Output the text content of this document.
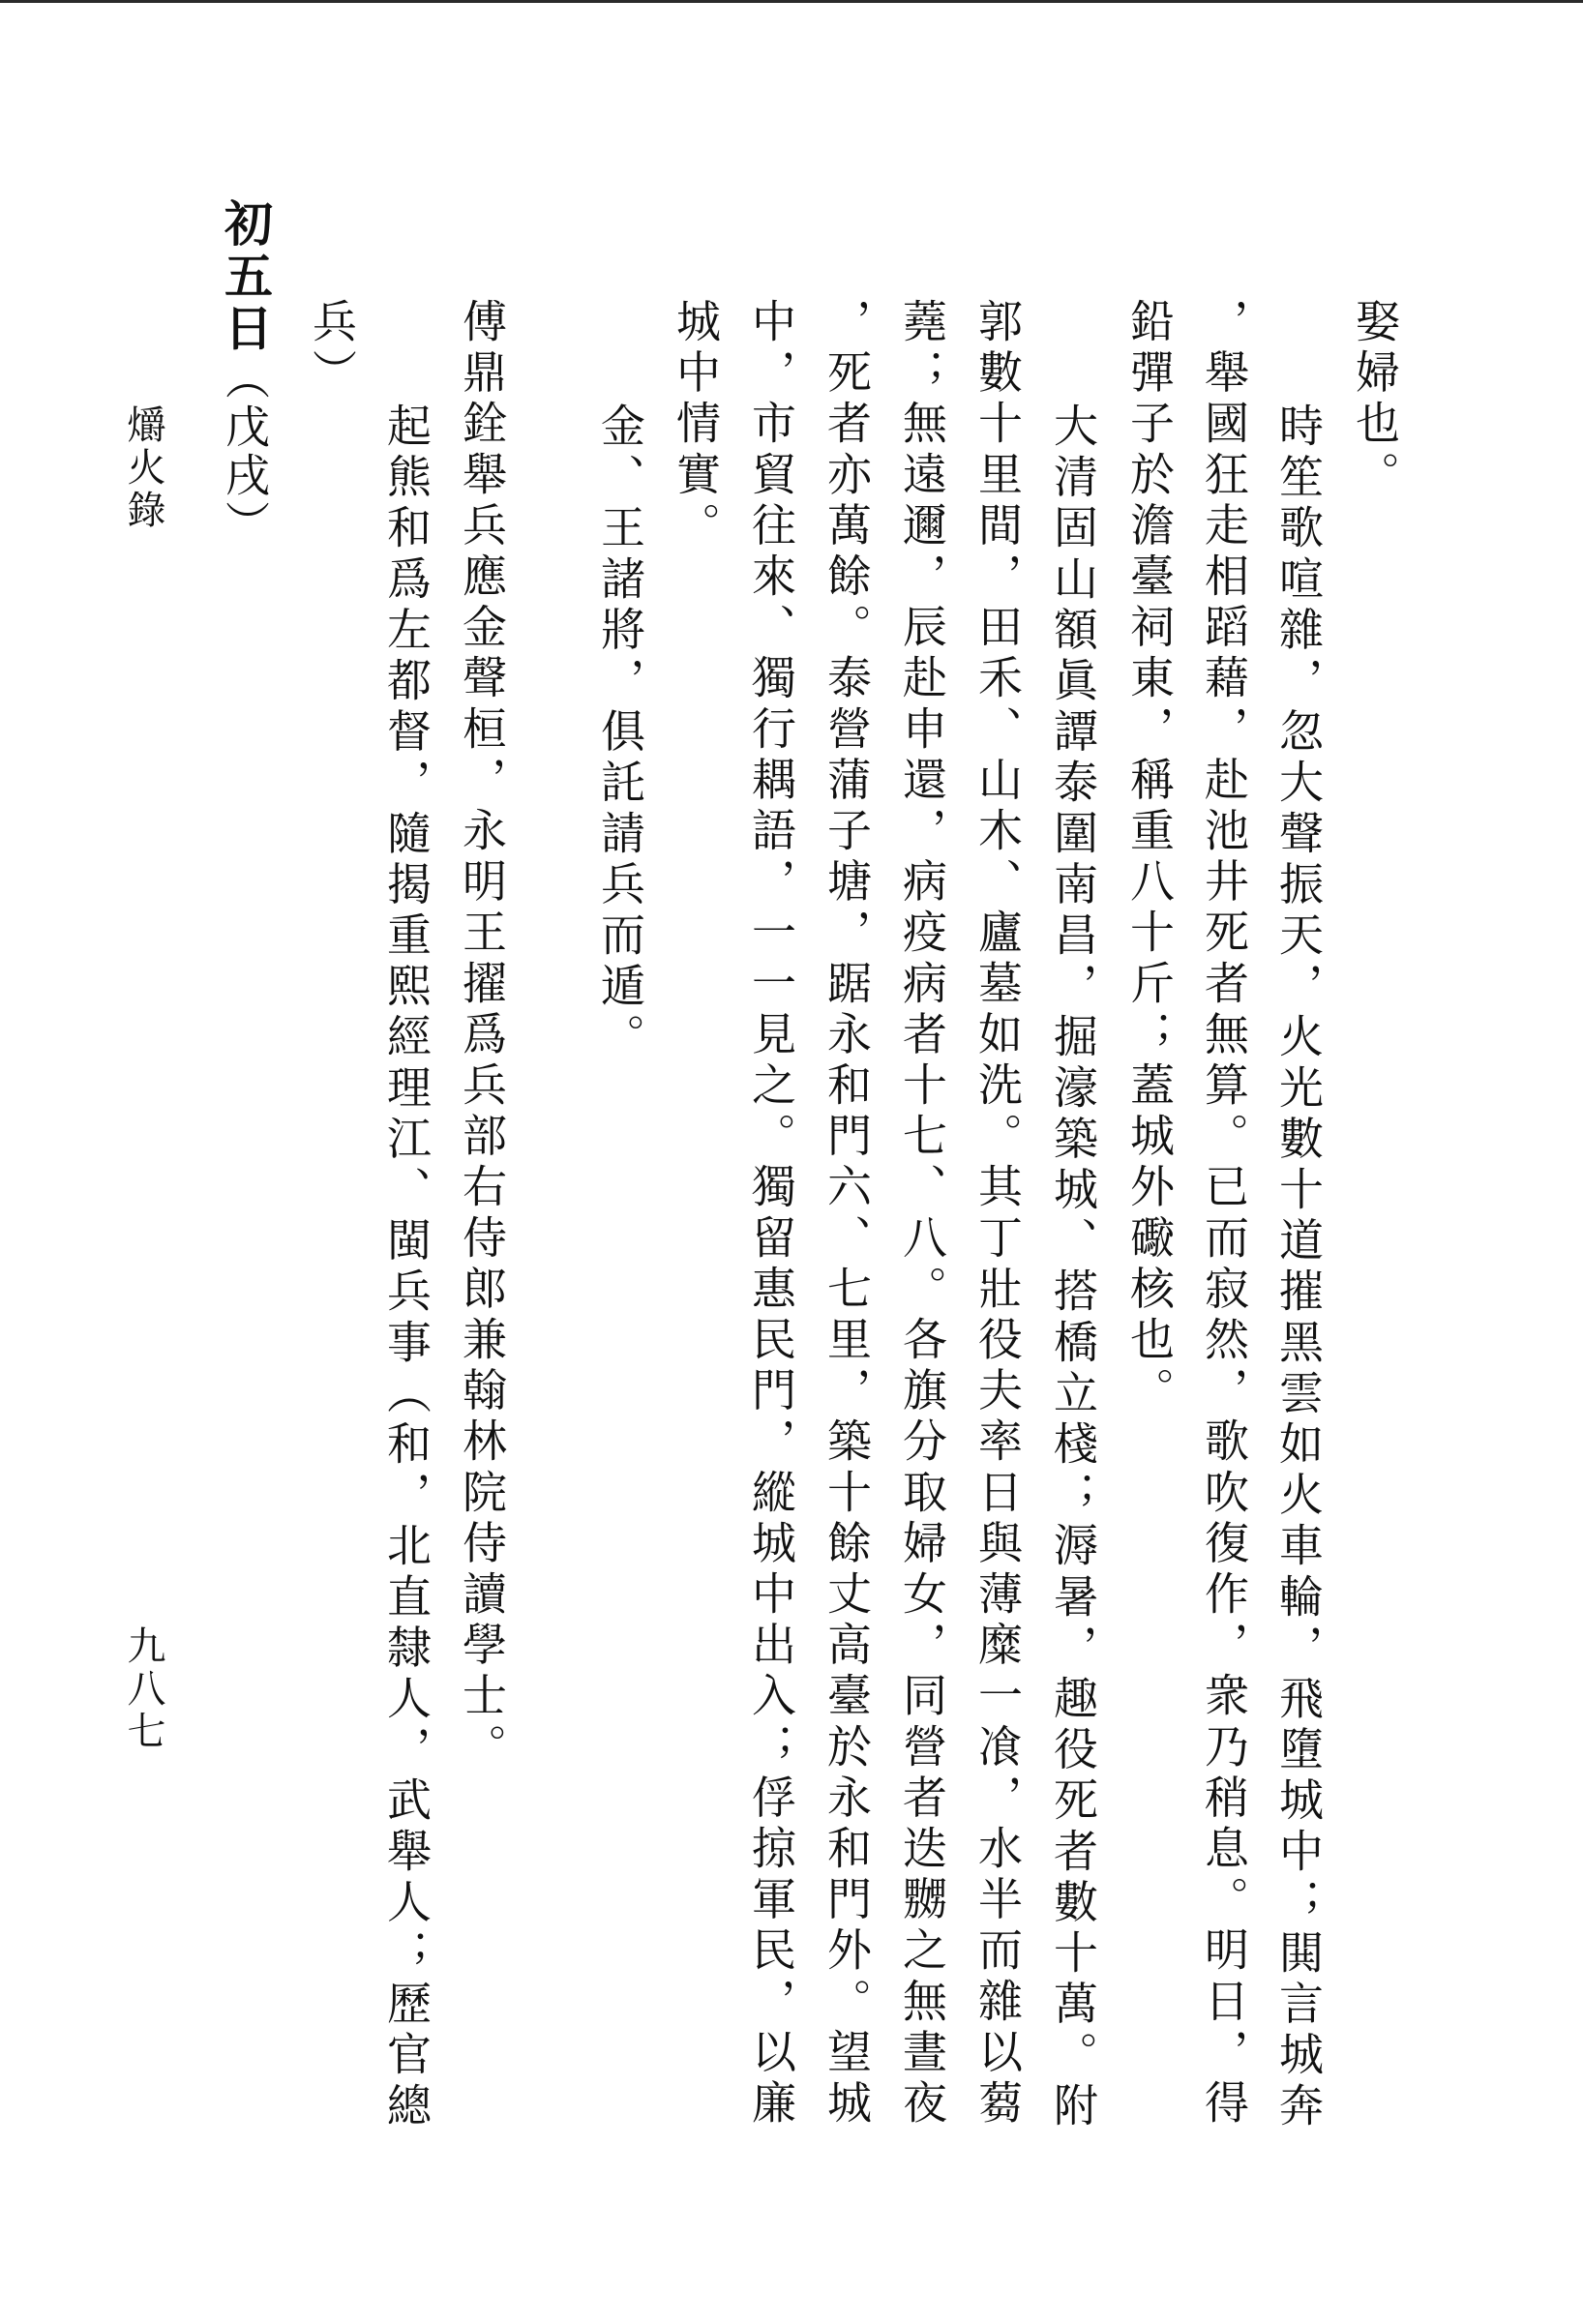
娶婦也。
時笙歌喧雜，忽大聲振天，火光數十道摧黑雲如火車輪，飛墮城中；閧言城奔
，舉國狂走相蹈藉，赴池井死者無算。已而寂然，歌吹復作，衆乃稍息。明日，得
鉛彈子於澹臺祠東，稱重八十斤；蓋城外礮核也。
大清固山額眞譚泰圍南昌，掘濠築城、搭橋立棧；溽暑，趣役死者數十萬。附
郭數十里間，田禾、山木、廬墓如洗。其丁壯役夫率日與薄糜一飡，水半而雜以蒭
蕘；無遠邇，辰赴申還，病疫病者十七、八。各旗分取婦女，同營者迭嬲之無晝夜
，死者亦萬餘。泰營蒲子塘，踞永和門六、七里，築十餘丈高臺於永和門外。望城
中，市貿往來、獨行耦語，一一見之。獨留惠民門，縱城中出入；俘掠軍民，以廉
城中情實。
金、王諸將，俱託請兵而遁。
傅鼎銓舉兵應金聲桓，永明王擢爲兵部右侍郎兼翰林院侍讀學士。
起熊和爲左都督，隨揭重熙經理江、閩兵事（和，北直隸人，武舉人；歷官總
兵）
初五日（戊戌）
爝火錄
九八七
